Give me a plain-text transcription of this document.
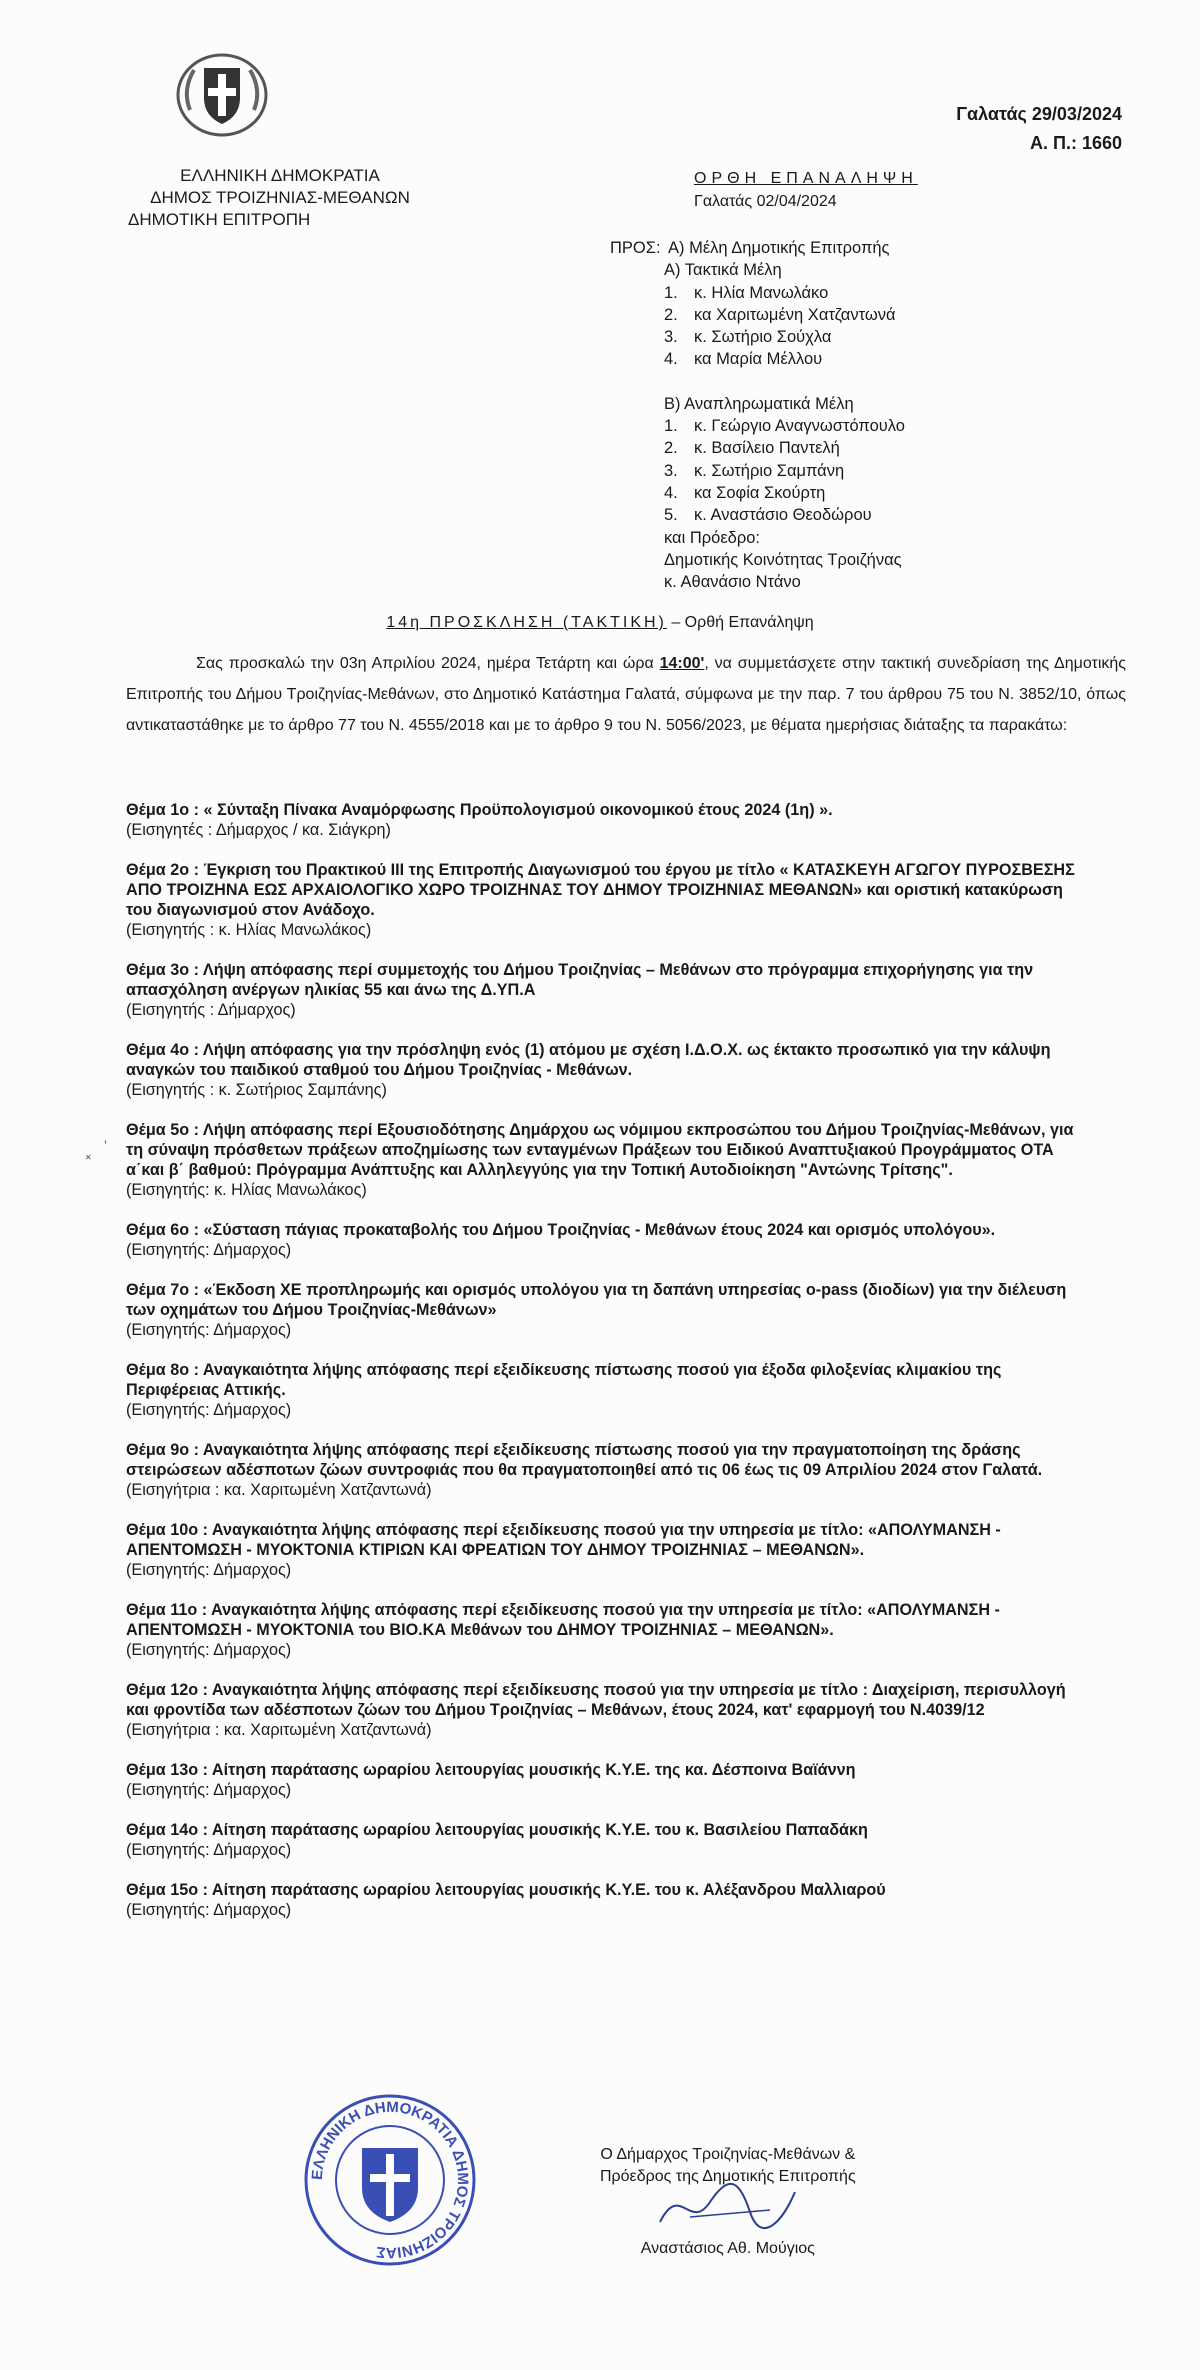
ΕΛΛΗΝΙΚΗ ΔΗΜΟΚΡΑΤΙΑ
ΔΗΜΟΣ ΤΡΟΙΖΗΝΙΑΣ-ΜΕΘΑΝΩΝ
ΔΗΜΟΤΙΚΗ ΕΠΙΤΡΟΠΗ
Γαλατάς 29/03/2024
Α. Π.: 1660
ΟΡΘΗ ΕΠΑΝΑΛΗΨΗ
Γαλατάς 02/04/2024
ΠΡΟΣ: Α) Μέλη Δημοτικής Επιτροπής
Α) Τακτικά Μέλη
1. κ. Ηλία Μανωλάκο
2. κα Χαριτωμένη Χατζαντωνά
3. κ. Σωτήριο Σούχλα
4. κα Μαρία Μέλλου
Β) Αναπληρωματικά Μέλη
1. κ. Γεώργιο Αναγνωστόπουλο
2. κ. Βασίλειο Παντελή
3. κ. Σωτήριο Σαμπάνη
4. κα Σοφία Σκούρτη
5. κ. Αναστάσιο Θεοδώρου
και Πρόεδρο:
Δημοτικής Κοινότητας Τροιζήνας
κ. Αθανάσιο Ντάνο
14η ΠΡΟΣΚΛΗΣΗ (ΤΑΚΤΙΚΗ) – Ορθή Επανάληψη

Σας προσκαλώ την 03η Απριλίου 2024, ημέρα Τετάρτη και ώρα 14:00', να συμμετάσχετε στην τακτική συνεδρίαση της Δημοτικής Επιτροπής του Δήμου Τροιζηνίας-Μεθάνων, στο Δημοτικό Κατάστημα Γαλατά, σύμφωνα με την παρ. 7 του άρθρου 75 του Ν. 3852/10, όπως αντικαταστάθηκε με το άρθρο 77 του Ν. 4555/2018 και με το άρθρο 9 του Ν. 5056/2023, με θέματα ημερήσιας διάταξης τα παρακάτω:

ʼ
˟
Θέμα 1ο : « Σύνταξη Πίνακα Αναμόρφωσης Προϋπολογισμού οικονομικού έτους 2024 (1η) ».
(Εισηγητές : Δήμαρχος / κα. Σιάγκρη)
Θέμα 2ο : Έγκριση του Πρακτικού ΙΙΙ της Επιτροπής Διαγωνισμού του έργου με τίτλο « ΚΑΤΑΣΚΕΥΗ ΑΓΩΓΟΥ ΠΥΡΟΣΒΕΣΗΣ ΑΠΟ ΤΡΟΙΖΗΝΑ ΕΩΣ ΑΡΧΑΙΟΛΟΓΙΚΟ ΧΩΡΟ ΤΡΟΙΖΗΝΑΣ ΤΟΥ ΔΗΜΟΥ ΤΡΟΙΖΗΝΙΑΣ ΜΕΘΑΝΩΝ» και οριστική κατακύρωση του διαγωνισμού στον Ανάδοχο.
(Εισηγητής : κ. Ηλίας Μανωλάκος)
Θέμα 3ο : Λήψη απόφασης περί συμμετοχής του Δήμου Τροιζηνίας – Μεθάνων στο πρόγραμμα επιχορήγησης για την απασχόληση ανέργων ηλικίας 55 και άνω της Δ.ΥΠ.Α
(Εισηγητής : Δήμαρχος)
Θέμα 4ο : Λήψη απόφασης για την πρόσληψη ενός (1) ατόμου με σχέση Ι.Δ.Ο.Χ. ως έκτακτο προσωπικό για την κάλυψη αναγκών του παιδικού σταθμού του Δήμου Τροιζηνίας - Μεθάνων.
(Εισηγητής : κ. Σωτήριος Σαμπάνης)
Θέμα 5ο : Λήψη απόφασης περί Εξουσιοδότησης Δημάρχου ως νόμιμου εκπροσώπου του Δήμου Τροιζηνίας-Μεθάνων, για τη σύναψη πρόσθετων πράξεων αποζημίωσης των ενταγμένων Πράξεων του Ειδικού Αναπτυξιακού Προγράμματος ΟΤΑ α΄και β΄ βαθμού: Πρόγραμμα Ανάπτυξης και Αλληλεγγύης για την Τοπική Αυτοδιοίκηση "Αντώνης Τρίτσης".
(Εισηγητής: κ. Ηλίας Μανωλάκος)
Θέμα 6ο : «Σύσταση πάγιας προκαταβολής του Δήμου Τροιζηνίας - Μεθάνων έτους 2024 και ορισμός υπολόγου».
(Εισηγητής: Δήμαρχος)
Θέμα 7ο : «Έκδοση ΧΕ προπληρωμής και ορισμός υπολόγου για τη δαπάνη υπηρεσίας o-pass (διοδίων) για την διέλευση των οχημάτων του Δήμου Τροιζηνίας-Μεθάνων»
(Εισηγητής: Δήμαρχος)
Θέμα 8ο : Αναγκαιότητα λήψης απόφασης περί εξειδίκευσης πίστωσης ποσού για έξοδα φιλοξενίας κλιμακίου της Περιφέρειας Αττικής.
(Εισηγητής: Δήμαρχος)
Θέμα 9ο : Αναγκαιότητα λήψης απόφασης περί εξειδίκευσης πίστωσης ποσού για την πραγματοποίηση της δράσης στειρώσεων αδέσποτων ζώων συντροφιάς που θα πραγματοποιηθεί από τις 06 έως τις 09 Απριλίου 2024 στον Γαλατά.
(Εισηγήτρια : κα. Χαριτωμένη Χατζαντωνά)
Θέμα 10ο : Αναγκαιότητα λήψης απόφασης περί εξειδίκευσης ποσού για την υπηρεσία με τίτλο: «ΑΠΟΛΥΜΑΝΣΗ - ΑΠΕΝΤΟΜΩΣΗ - ΜΥΟΚΤΟΝΙΑ ΚΤΙΡΙΩΝ ΚΑΙ ΦΡΕΑΤΙΩΝ ΤΟΥ ΔΗΜΟΥ ΤΡΟΙΖΗΝΙΑΣ – ΜΕΘΑΝΩΝ».
(Εισηγητής: Δήμαρχος)
Θέμα 11ο : Αναγκαιότητα λήψης απόφασης περί εξειδίκευσης ποσού για την υπηρεσία με τίτλο: «ΑΠΟΛΥΜΑΝΣΗ - ΑΠΕΝΤΟΜΩΣΗ - ΜΥΟΚΤΟΝΙΑ του ΒΙΟ.ΚΑ Μεθάνων του ΔΗΜΟΥ ΤΡΟΙΖΗΝΙΑΣ – ΜΕΘΑΝΩΝ».
(Εισηγητής: Δήμαρχος)
Θέμα 12ο : Αναγκαιότητα λήψης απόφασης περί εξειδίκευσης ποσού για την υπηρεσία με τίτλο : Διαχείριση, περισυλλογή και φροντίδα των αδέσποτων ζώων του Δήμου Τροιζηνίας – Μεθάνων, έτους 2024, κατ' εφαρμογή του Ν.4039/12
(Εισηγήτρια : κα. Χαριτωμένη Χατζαντωνά)
Θέμα 13ο : Αίτηση παράτασης ωραρίου λειτουργίας μουσικής Κ.Υ.Ε. της κα. Δέσποινα Βαϊάννη
(Εισηγητής: Δήμαρχος)
Θέμα 14ο : Αίτηση παράτασης ωραρίου λειτουργίας μουσικής Κ.Υ.Ε. του κ. Βασιλείου Παπαδάκη
(Εισηγητής: Δήμαρχος)
Θέμα 15ο : Αίτηση παράτασης ωραρίου λειτουργίας μουσικής Κ.Υ.Ε. του κ. Αλέξανδρου Μαλλιαρού
(Εισηγητής: Δήμαρχος)
ΕΛΛΗΝΙΚΗ ΔΗΜΟΚΡΑΤΙΑ ΔΗΜΟΣ ΤΡΟΙΖΗΝΙΑΣ
Ο Δήμαρχος Τροιζηνίας-Μεθάνων &
Πρόεδρος της Δημοτικής Επιτροπής
Αναστάσιος Αθ. Μούγιος
